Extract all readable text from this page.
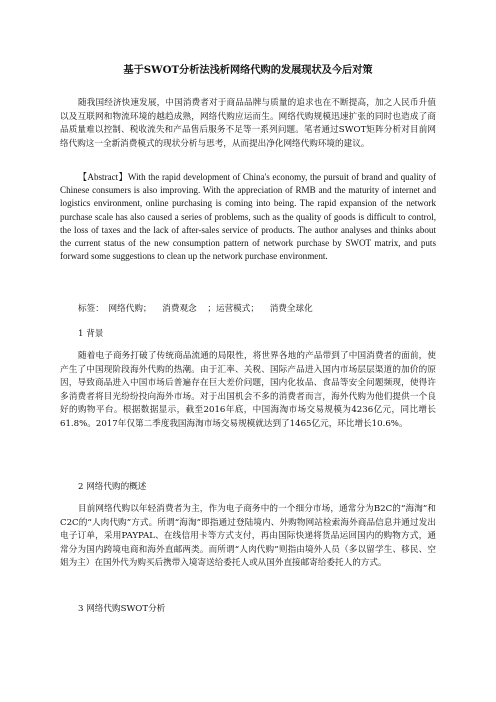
基于SWOT分析法浅析网络代购的发展现状及今后对策

随我国经济快速发展，中国消费者对于商品品牌与质量的追求也在不断提高，加之人民币升值以及互联网和物流环境的越趋成熟，网络代购应运而生。网络代购规模迅速扩张的同时也造成了商品质量难以控制、税收流失和产品售后服务不足等一系列问题。笔者通过SWOT矩阵分析对目前网络代购这一全新消费模式的现状分析与思考，从而提出净化网络代购环境的建议。

【Abstract】With the rapid development of China's economy, the pursuit of brand and quality of Chinese consumers is also improving. With the appreciation of RMB and the maturity of internet and logistics environment, online purchasing is coming into being. The rapid expansion of the network purchase scale has also caused a series of problems, such as the quality of goods is difficult to control, the loss of taxes and the lack of after-sales service of products. The author analyses and thinks about the current status of the new consumption pattern of network purchase by SWOT matrix, and puts forward some suggestions to clean up the network purchase environment.

标签： 网络代购； 消费观念 ；运营模式； 消费全球化

1 背景

随着电子商务打破了传统商品流通的局限性，将世界各地的产品带到了中国消费者的面前，使产生了中国现阶段海外代购的热潮。由于汇率、关税、国际产品进入国内市场层层渠道的加价的原因，导致商品进入中国市场后普遍存在巨大差价问题，国内化妆品、食品等安全问题频现，使得许多消费者将目光纷纷投向海外市场。对于出国机会不多的消费者而言，海外代购为他们提供一个良好的购物平台。根据数据显示，截至2016年底，中国海淘市场交易规模为4236亿元，同比增长61.8%。2017年仅第二季度我国海淘市场交易规模就达到了1465亿元，环比增长10.6%。

2 网络代购的概述

目前网络代购以年轻消费者为主，作为电子商务中的一个细分市场，通常分为B2C的“海淘”和C2C的“人肉代购”方式。所谓“海淘”即指通过登陆境内、外购物网站检索海外商品信息并通过发出电子订单，采用PAYPAL、在线信用卡等方式支付，再由国际快递将货品运回国内的购物方式，通常分为国内跨境电商和海外直邮两类。而所谓“人肉代购”则指由境外人员（多以留学生、移民、空姐为主）在国外代为购买后携带入境寄送给委托人或从国外直接邮寄给委托人的方式。

3 网络代购SWOT分析
